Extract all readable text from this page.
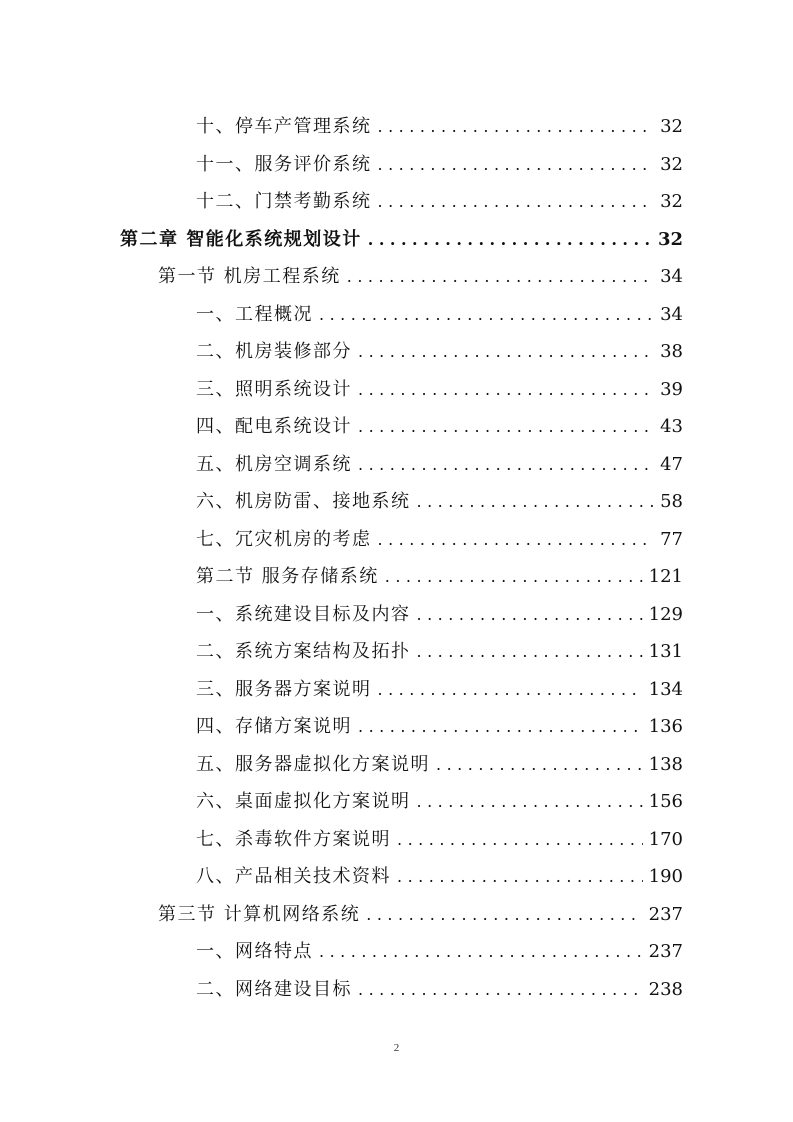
十、停车产管理系统 .....	32
十一、服务评价系统 .....	32
十二、门禁考勤系统 .....	32
第二章 智能化系统规划设计 .....	32
第一节 机房工程系统 .....	34
一、工程概况 .....	34
二、机房装修部分 .....	38
三、照明系统设计 .....	39
四、配电系统设计 .....	43
五、机房空调系统 .....	47
六、机房防雷、接地系统 .....	58
七、冗灾机房的考虑 .....	77
第二节 服务存储系统 .....	121
一、系统建设目标及内容 .....	129
二、系统方案结构及拓扑 .....	131
三、服务器方案说明 .....	134
四、存储方案说明 .....	136
五、服务器虚拟化方案说明 .....	138
六、桌面虚拟化方案说明 .....	156
七、杀毒软件方案说明 .....	170
八、产品相关技术资料 .....	190
第三节 计算机网络系统 .....	237
一、网络特点 .....	237
二、网络建设目标 .....	238
2
